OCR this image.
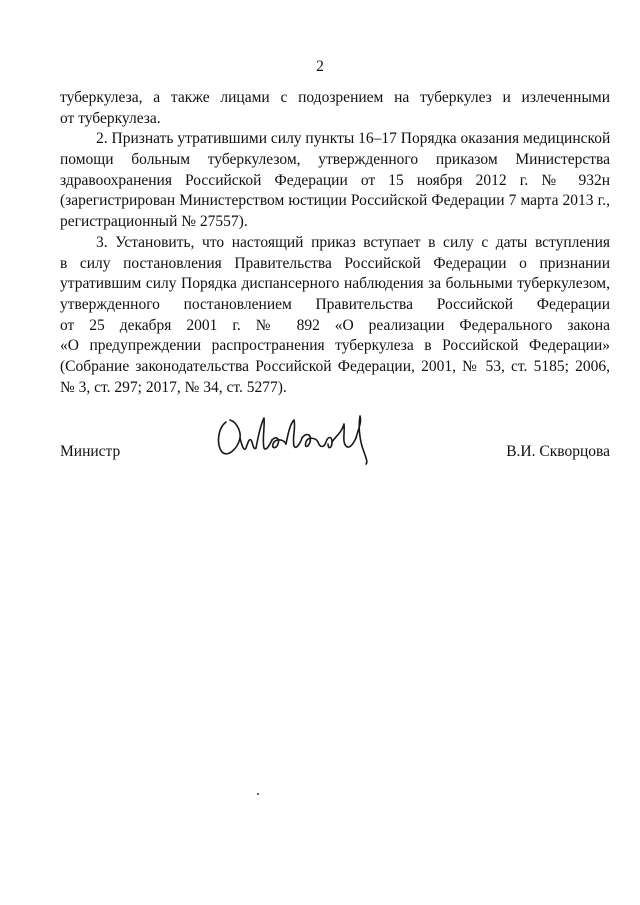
2
туберкулеза, а также лицами с подозрением на туберкулез и излеченными
от туберкулеза.
2. Признать утратившими силу пункты 16–17 Порядка оказания медицинской
помощи больным туберкулезом, утвержденного приказом Министерства
здравоохранения Российской Федерации от 15 ноября 2012 г. № 932н
(зарегистрирован Министерством юстиции Российской Федерации 7 марта 2013 г.,
регистрационный № 27557).
3. Установить, что настоящий приказ вступает в силу с даты вступления
в силу постановления Правительства Российской Федерации о признании
утратившим силу Порядка диспансерного наблюдения за больными туберкулезом,
утвержденного постановлением Правительства Российской Федерации
от 25 декабря 2001 г. № 892 «О реализации Федерального закона
«О предупреждении распространения туберкулеза в Российской Федерации»
(Собрание законодательства Российской Федерации, 2001, № 53, ст. 5185; 2006,
№ 3, ст. 297; 2017, № 34, ст. 5277).
Министр	В.И. Скворцова
